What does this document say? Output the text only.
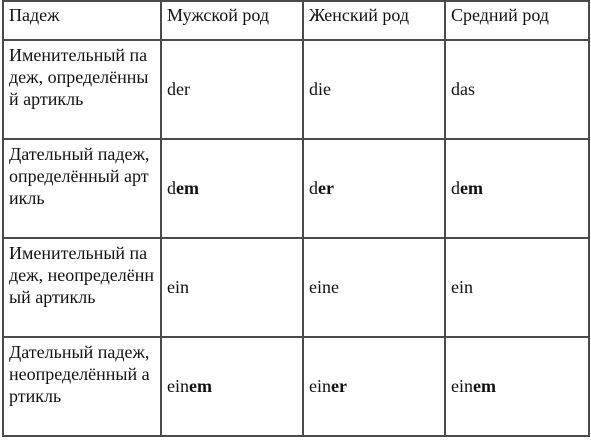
Падеж	Мужской род	Женский род	Средний род
Именительный падеж, определённый артикль	der	die	das
Дательный падеж, определённый артикль	dem	der	dem
Именительный падеж, неопределённый артикль	ein	eine	ein
Дательный падеж, неопределённый артикль	einem	einer	einem
